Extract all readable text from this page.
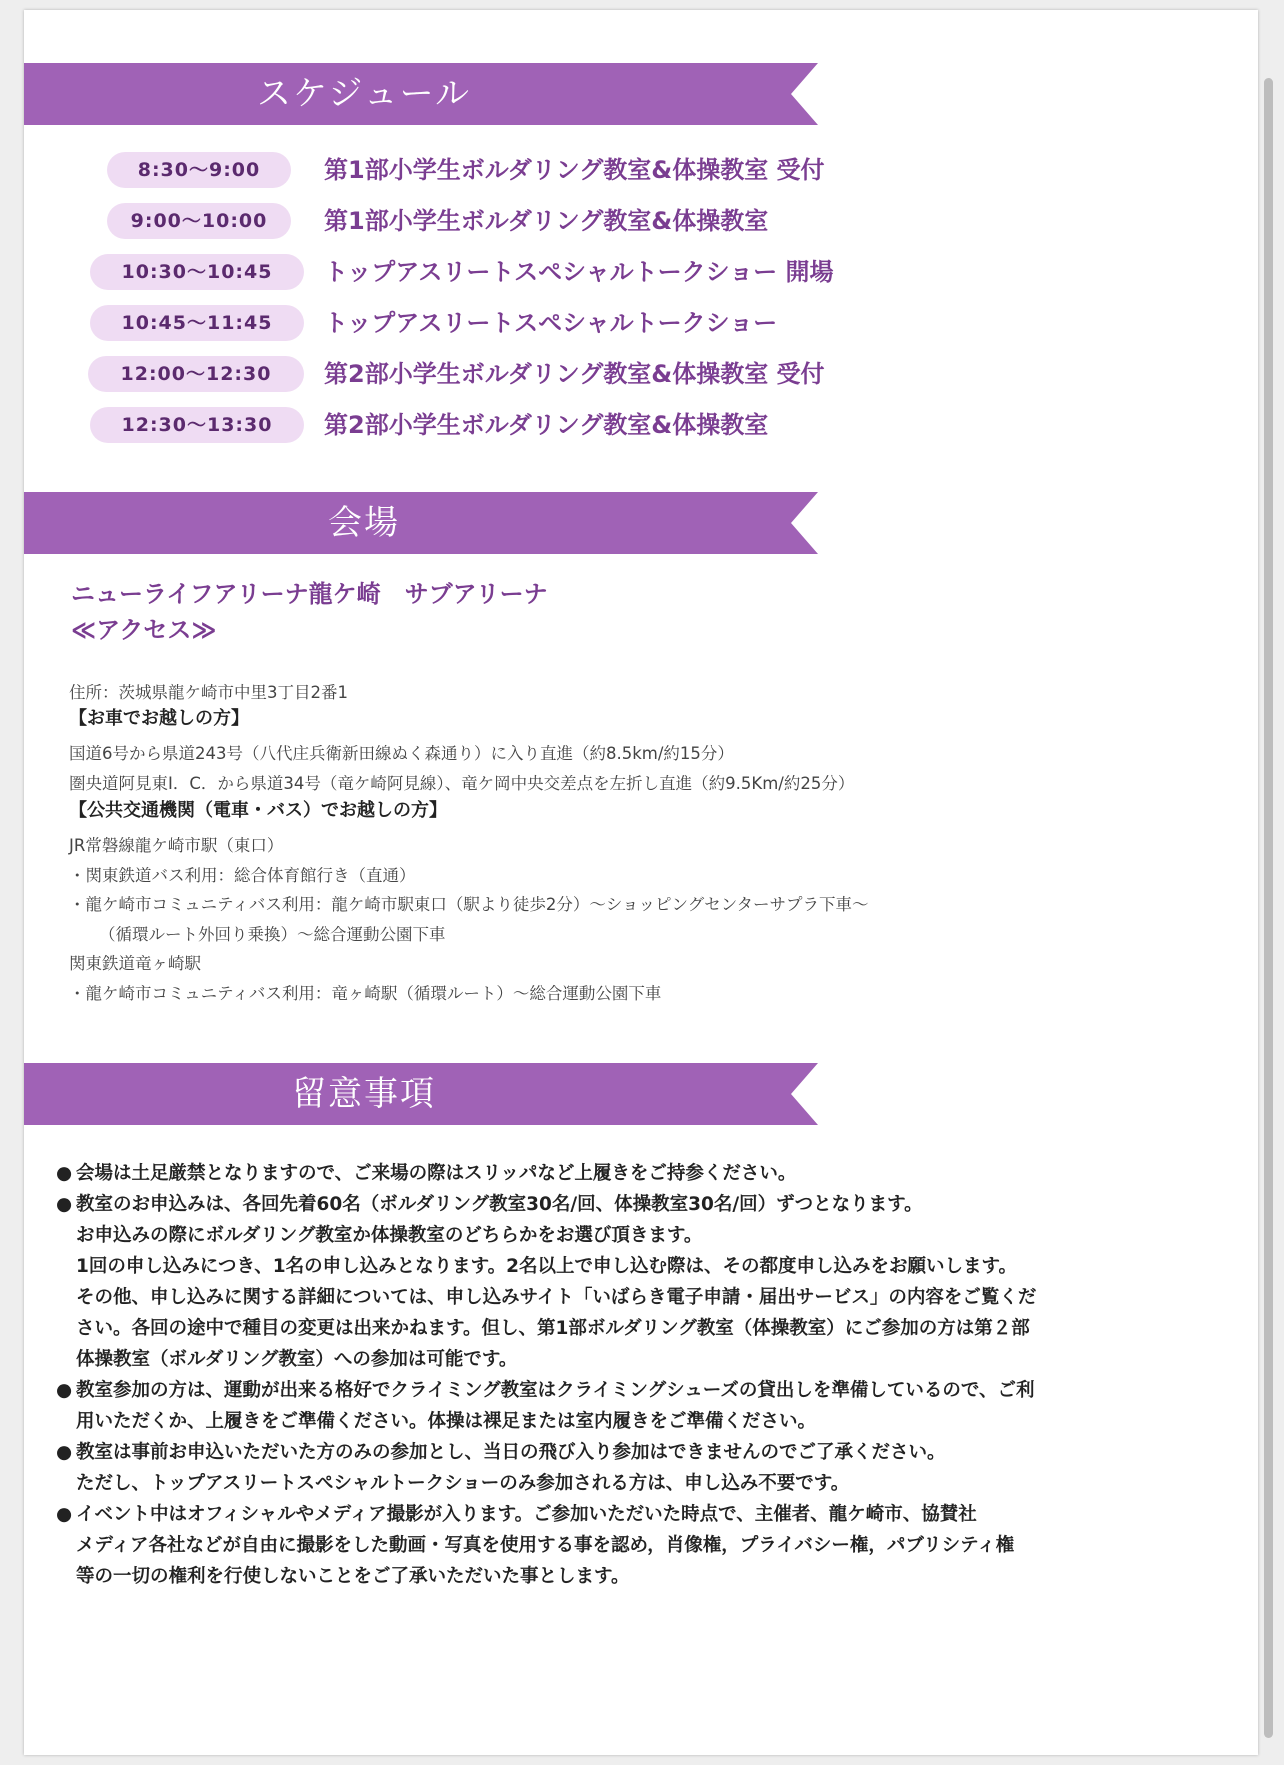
スケジュール
8:30〜9:00	第1部小学生ボルダリング教室&体操教室 受付
9:00〜10:00	第1部小学生ボルダリング教室&体操教室
10:30〜10:45	トップアスリートスペシャルトークショー 開場
10:45〜11:45	トップアスリートスペシャルトークショー
12:00〜12:30	第2部小学生ボルダリング教室&体操教室 受付
12:30〜13:30	第2部小学生ボルダリング教室&体操教室
会場
ニューライフアリーナ龍ケ崎　サブアリーナ
≪アクセス≫
住所：茨城県龍ケ崎市中里3丁目2番1
【お車でお越しの方】
国道6号から県道243号（八代庄兵衛新田線ぬく森通り）に入り直進（約8.5km/約15分）
圏央道阿見東I．C．から県道34号（竜ケ崎阿見線）、竜ケ岡中央交差点を左折し直進（約9.5Km/約25分）
【公共交通機関（電車・バス）でお越しの方】
JR常磐線龍ケ崎市駅（東口）
・関東鉄道バス利用：総合体育館行き（直通）
・龍ケ崎市コミュニティバス利用：龍ケ崎市駅東口（駅より徒歩2分）〜ショッピングセンターサプラ下車〜
（循環ルート外回り乗換）〜総合運動公園下車
関東鉄道竜ヶ崎駅
・龍ケ崎市コミュニティバス利用：竜ヶ崎駅（循環ルート）〜総合運動公園下車
留意事項
● 会場は土足厳禁となりますので、ご来場の際はスリッパなど上履きをご持参ください。
● 教室のお申込みは、各回先着60名（ボルダリング教室30名/回、体操教室30名/回）ずつとなります。
お申込みの際にボルダリング教室か体操教室のどちらかをお選び頂きます。
1回の申し込みにつき、1名の申し込みとなります。2名以上で申し込む際は、その都度申し込みをお願いします。
その他、申し込みに関する詳細については、申し込みサイト「いばらき電子申請・届出サービス」の内容をご覧くだ
さい。各回の途中で種目の変更は出来かねます。但し、第1部ボルダリング教室（体操教室）にご参加の方は第２部
体操教室（ボルダリング教室）への参加は可能です。
● 教室参加の方は、運動が出来る格好でクライミング教室はクライミングシューズの貸出しを準備しているので、ご利
用いただくか、上履きをご準備ください。体操は裸足または室内履きをご準備ください。
● 教室は事前お申込いただいた方のみの参加とし、当日の飛び入り参加はできませんのでご了承ください。
ただし、トップアスリートスペシャルトークショーのみ参加される方は、申し込み不要です。
● イベント中はオフィシャルやメディア撮影が入ります。ご参加いただいた時点で、主催者、龍ケ崎市、協賛社
メディア各社などが自由に撮影をした動画・写真を使用する事を認め，肖像権，プライバシー権，パブリシティ権
等の一切の権利を行使しないことをご了承いただいた事とします。
